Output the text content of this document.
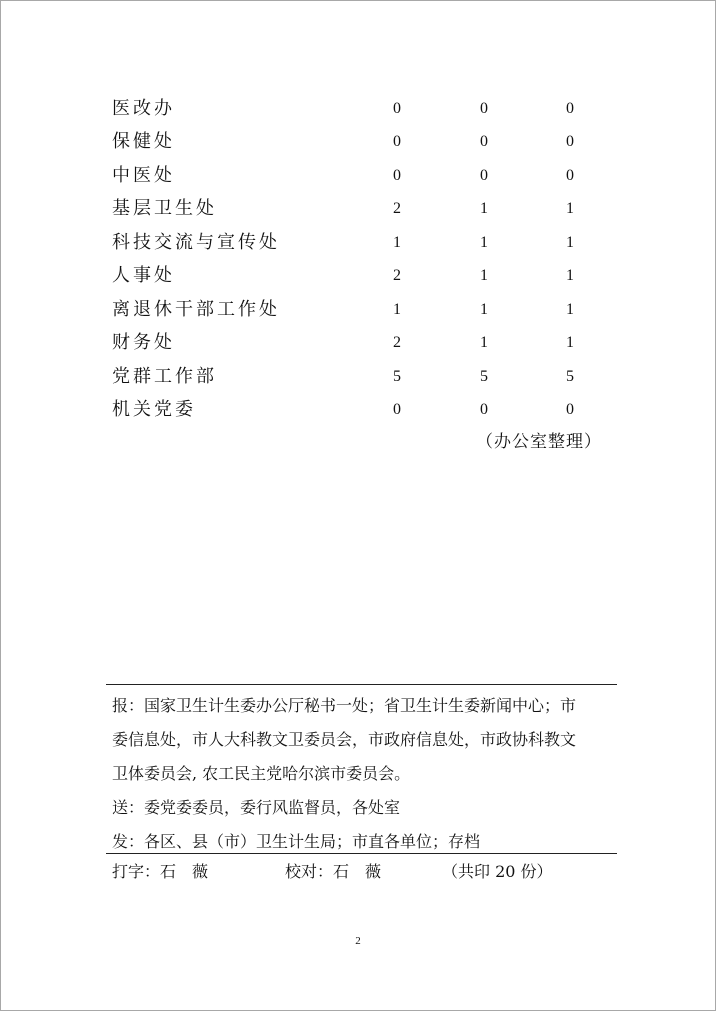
医改办	0	0	0
保健处	0	0	0
中医处	0	0	0
基层卫生处	2	1	1
科技交流与宣传处	1	1	1
人事处	2	1	1
离退休干部工作处	1	1	1
财务处	2	1	1
党群工作部	5	5	5
机关党委	0	0	0
（办公室整理）
报：国家卫生计生委办公厅秘书一处；省卫生计生委新闻中心；市
委信息处，市人大科教文卫委员会，市政府信息处，市政协科教文
卫体委员会, 农工民主党哈尔滨市委员会。
送：委党委委员，委行风监督员，各处室
发：各区、县（市）卫生计生局；市直各单位；存档
打字：石　薇	校对：石　薇	（共印 20 份）
2
